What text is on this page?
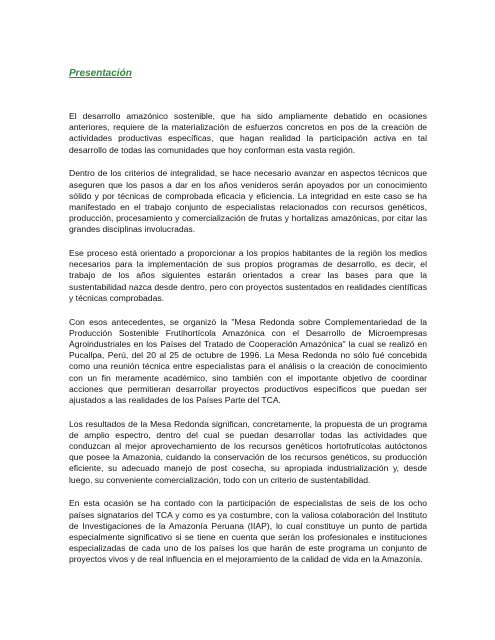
Presentación

El desarrollo amazónico sostenible, que ha sido ampliamente debatido en ocasiones anteriores, requiere de la materialización de esfuerzos concretos en pos de la creación de actividades productivas específicas, que hagan realidad la participación activa en tal desarrollo de todas las comunidades que hoy conforman esta vasta región.

Dentro de los criterios de integralidad, se hace necesario avanzar en aspectos técnicos que aseguren que los pasos a dar en los años venideros serán apoyados por un conocimiento sólido y por técnicas de comprobada eficacia y eficiencia. La integridad en este caso se ha manifestado en el trabajo conjunto de especialistas relacionados con recursos genéticos, producción, procesamiento y comercialización de frutas y hortalizas amazónicas, por citar las grandes disciplinas involucradas.

Ese proceso está orientado a proporcionar a los propios habitantes de la región los medios necesarios para la implementación de sus propios programas de desarrollo, es decir, el trabajo de los años siguientes estarán orientados a crear las bases para que la sustentabilidad nazca desde dentro, pero con proyectos sustentados en realidades científicas y técnicas comprobadas.

Con esos antecedentes, se organizó la "Mesa Redonda sobre Complementariedad de la Producción Sostenible Frutihortícola Amazónica con el Desarrollo de Microempresas Agroindustriales en los Países del Tratado de Cooperación Amazónica" la cual se realizó en Pucallpa, Perú, del 20 al 25 de octubre de 1996. La Mesa Redonda no sólo fué concebida como una reunión técnica entre especialistas para el análisis o la creación de conocimiento con un fin meramente académico, sino también con el importante objetivo de coordinar acciones que permitieran desarrollar proyectos productivos específicos que puedan ser ajustados a las realidades de los Países Parte del TCA.

Los resultados de la Mesa Redonda significan, concretamente, la propuesta de un programa de amplio espectro, dentro del cual se puedan desarrollar todas las actividades que conduzcan al mejor aprovechamiento de los recursos genéticos hortofrutícolas autóctonos que posee la Amazonia, cuidando la conservación de los recursos genéticos, su producción eficiente, su adecuado manejo de post cosecha, su apropiada industrialización y, desde luego, su conveniente comercialización, todo con un criterio de sustentabilidad.

En esta ocasión se ha contado con la participación de especialistas de seis de los ocho países signatarios del TCA y como es ya costumbre, con la valiosa colaboración del Instituto de Investigaciones de la Amazonía Peruana (IIAP), lo cual constituye un punto de partida especialmente significativo si se tiene en cuenta que serán los profesionales e instituciones especializadas de cada uno de los países los que harán de este programa un conjunto de proyectos vivos y de real influencia en el mejoramiento de la calidad de vida en la Amazonía.
